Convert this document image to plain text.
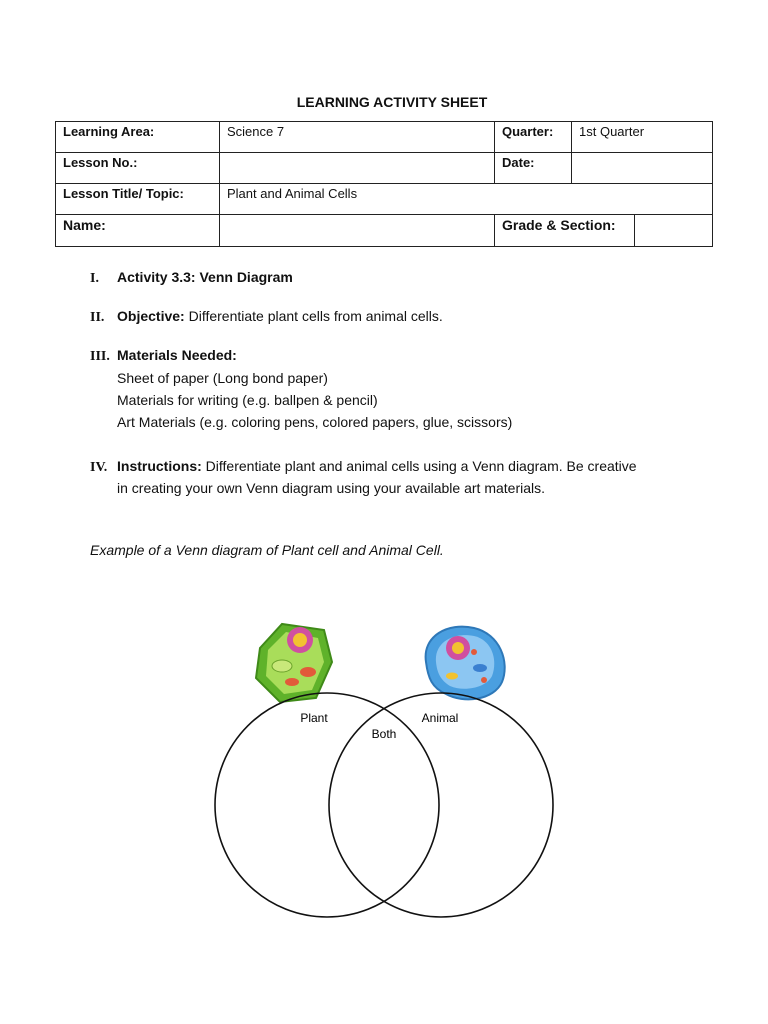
LEARNING ACTIVITY SHEET
Learning Area:	Science 7	Quarter:	1st Quarter	
Lesson No.:		Date:		
Lesson Title/ Topic:	Plant and Animal Cells			
Name:		Grade & Section:		
I. Activity 3.3: Venn Diagram
II. Objective: Differentiate plant cells from animal cells.
III. Materials Needed:
Sheet of paper (Long bond paper)
Materials for writing (e.g. ballpen & pencil)
Art Materials (e.g. coloring pens, colored papers, glue, scissors)
IV. Instructions: Differentiate plant and animal cells using a Venn diagram. Be creative
in creating your own Venn diagram using your available art materials.
Example of a Venn diagram of Plant cell and Animal Cell.
Plant	Animal
Both
